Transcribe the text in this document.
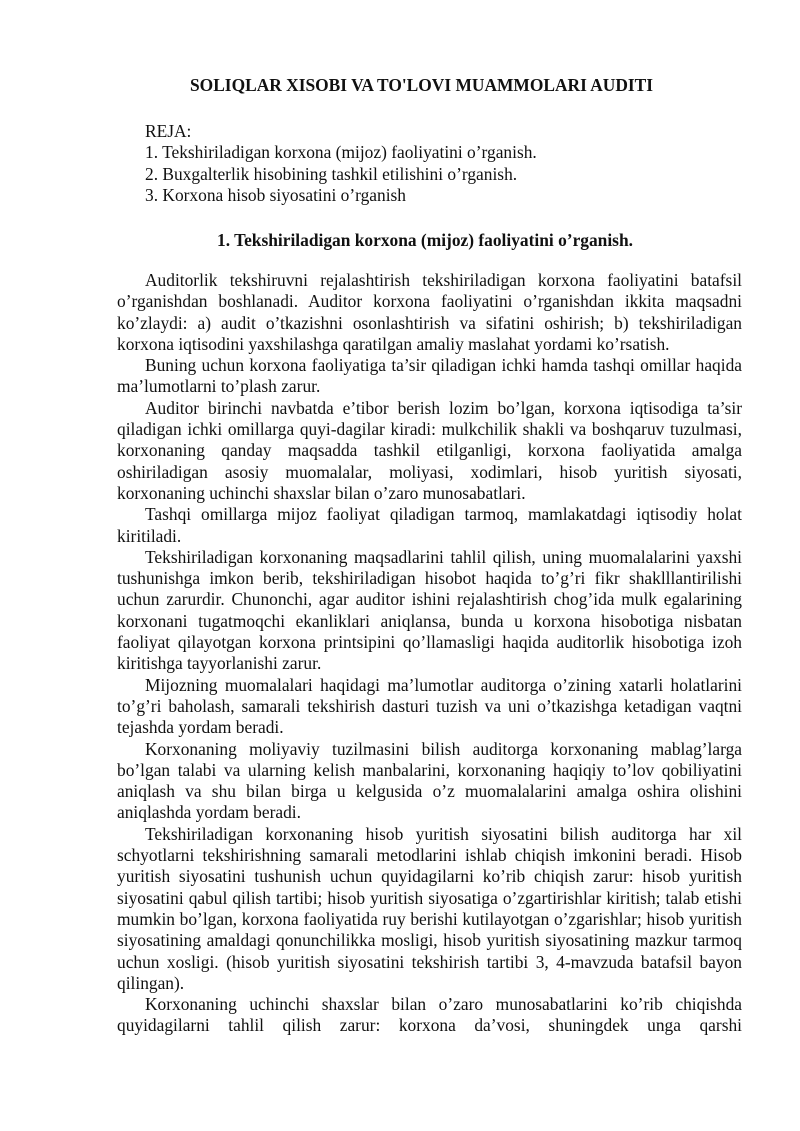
SOLIQLAR XISOBI VA TO'LOVI MUAMMOLARI AUDITI
REJA:
1. Tekshiriladigan korxona (mijoz) faoliyatini o’rganish.
2. Buxgalterlik hisobining tashkil etilishini o’rganish.
3. Korxona hisob siyosatini o’rganish
1. Tekshiriladigan korxona (mijoz) faoliyatini o’rganish.

Auditorlik tekshiruvni rejalashtirish tekshiriladigan korxona faoliyatini batafsil o’rganishdan boshlanadi. Auditor korxona faoliyatini o’rganishdan ikkita maqsadni ko’zlaydi: a) audit o’tkazishni osonlashtirish va sifatini oshirish; b) tekshiriladigan korxona iqtisodini yaxshilashga qaratilgan amaliy maslahat yordami ko’rsatish.

Buning uchun korxona faoliyatiga ta’sir qiladigan ichki hamda tashqi omillar haqida ma’lumotlarni to’plash zarur.

Auditor birinchi navbatda e’tibor berish lozim bo’lgan, korxona iqtisodiga ta’sir qiladigan ichki omillarga quyi-dagilar kiradi: mulkchilik shakli va boshqaruv tuzulmasi, korxonaning qanday maqsadda tashkil etilganligi, korxona faoliyatida amalga oshiriladigan asosiy muomalalar, moliyasi, xodimlari, hisob yuritish siyosati, korxonaning uchinchi shaxslar bilan o’zaro munosabatlari.

Tashqi omillarga mijoz faoliyat qiladigan tarmoq, mamlakatdagi iqtisodiy holat kiritiladi.

Tekshiriladigan korxonaning maqsadlarini tahlil qilish, uning muomalalarini yaxshi tushunishga imkon berib, tekshiriladigan hisobot haqida to’g’ri fikr shaklllantirilishi uchun zarurdir. Chunonchi, agar auditor ishini rejalashtirish chog’ida mulk egalarining korxonani tugatmoqchi ekanliklari aniqlansa, bunda u korxona hisobotiga nisbatan faoliyat qilayotgan korxona printsipini qo’llamasligi haqida auditorlik hisobotiga izoh kiritishga tayyorlanishi zarur.

Mijozning muomalalari haqidagi ma’lumotlar auditorga o’zining xatarli holatlarini to’g’ri baholash, samarali tekshirish dasturi tuzish va uni o’tkazishga ketadigan vaqtni tejashda yordam beradi.

Korxonaning moliyaviy tuzilmasini bilish auditorga korxonaning mablag’larga bo’lgan talabi va ularning kelish manbalarini, korxonaning haqiqiy to’lov qobiliyatini aniqlash va shu bilan birga u kelgusida o’z muomalalarini amalga oshira olishini aniqlashda yordam beradi.

Tekshiriladigan korxonaning hisob yuritish siyosatini bilish auditorga har xil schyotlarni tekshirishning samarali metodlarini ishlab chiqish imkonini beradi. Hisob yuritish siyosatini tushunish uchun quyidagilarni ko’rib chiqish zarur: hisob yuritish siyosatini qabul qilish tartibi; hisob yuritish siyosatiga o’zgartirishlar kiritish; talab etishi mumkin bo’lgan, korxona faoliyatida ruy berishi kutilayotgan o’zgarishlar; hisob yuritish siyosatining amaldagi qonunchilikka mosligi, hisob yuritish siyosatining mazkur tarmoq uchun xosligi. (hisob yuritish siyosatini tekshirish tartibi 3, 4-mavzuda batafsil bayon qilingan).

Korxonaning uchinchi shaxslar bilan o’zaro munosabatlarini ko’rib chiqishda quyidagilarni tahlil qilish zarur: korxona da’vosi, shuningdek unga qarshi
